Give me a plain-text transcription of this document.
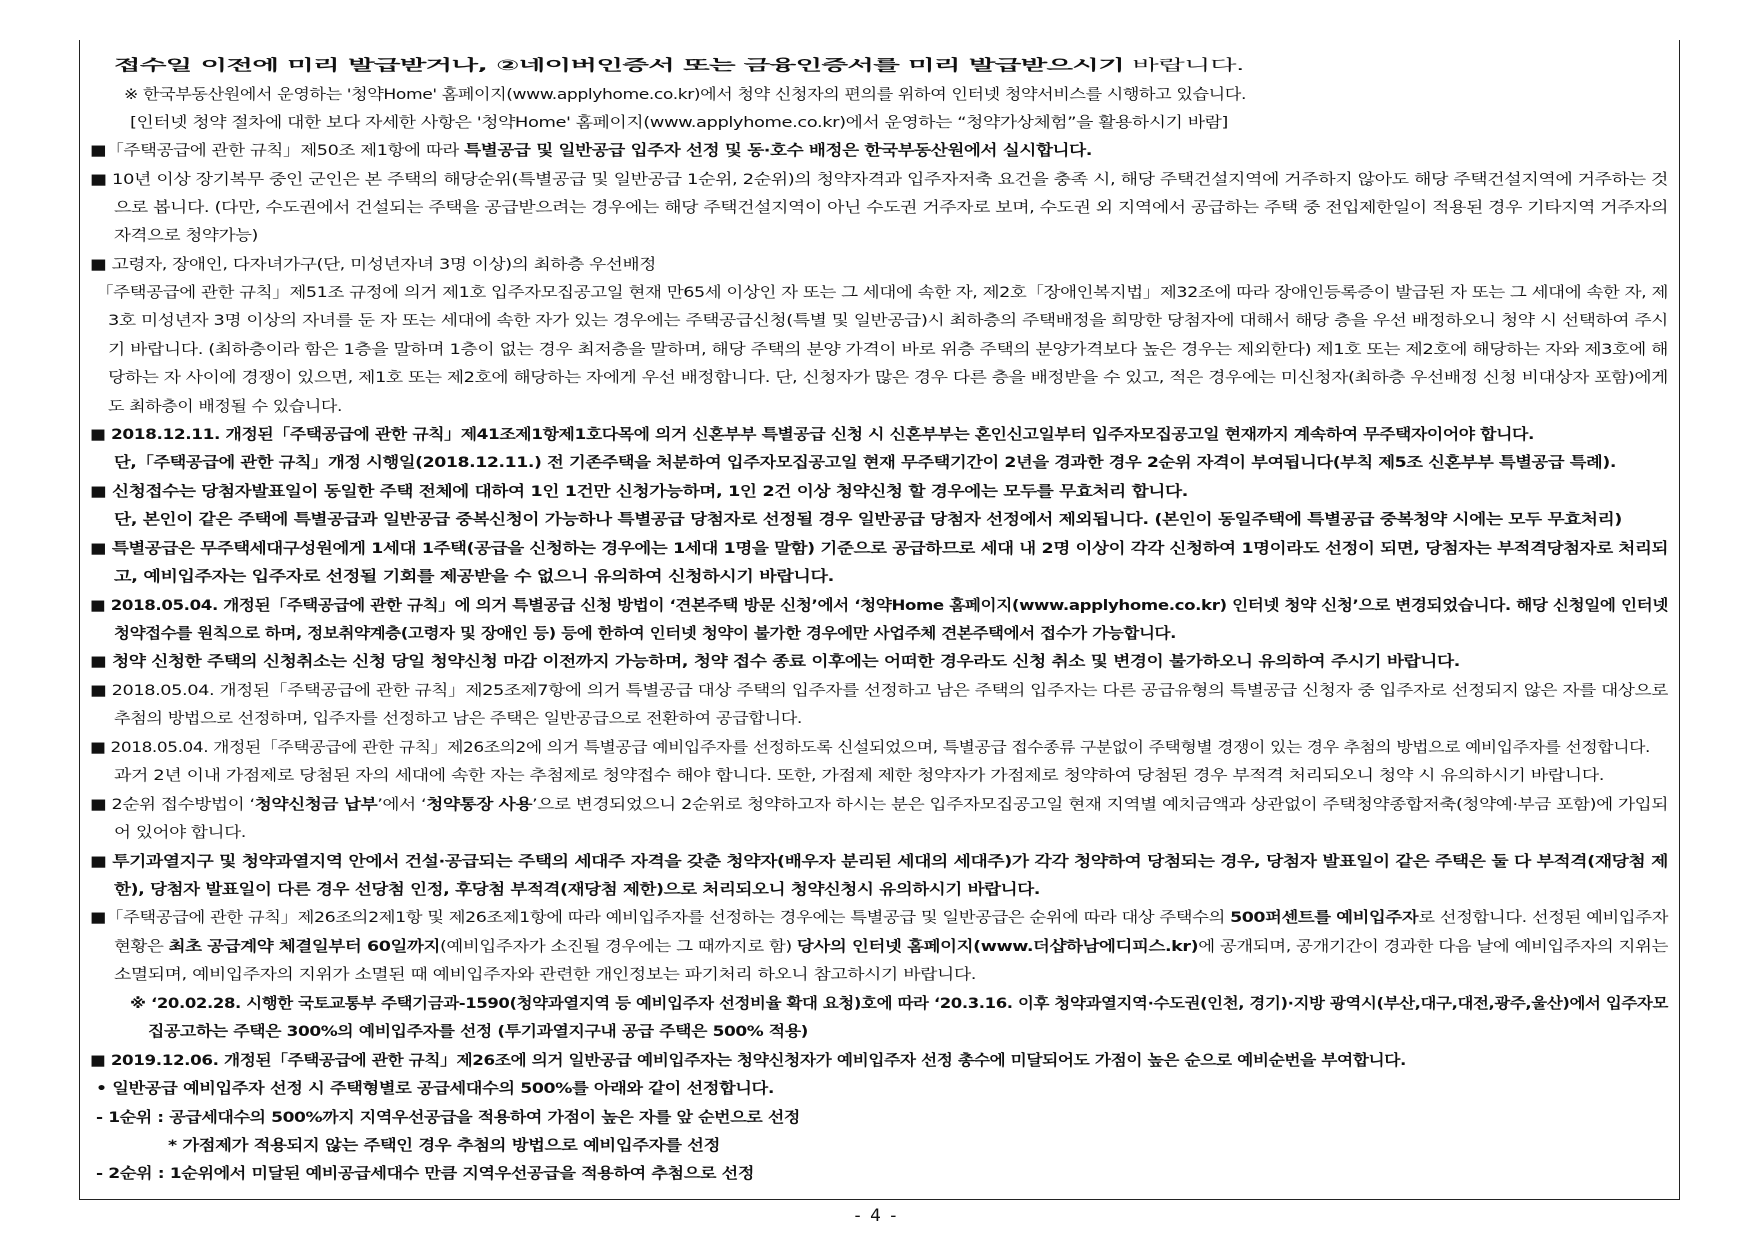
접수일 이전에 미리 발급받거나, ②네이버인증서 또는 금융인증서를 미리 발급받으시기 바랍니다.
※ 한국부동산원에서 운영하는 '청약Home' 홈페이지(www.applyhome.co.kr)에서 청약 신청자의 편의를 위하여 인터넷 청약서비스를 시행하고 있습니다.
[인터넷 청약 절차에 대한 보다 자세한 사항은 '청약Home' 홈페이지(www.applyhome.co.kr)에서 운영하는 “청약가상체험”을 활용하시기 바람]
■「주택공급에 관한 규칙」제50조 제1항에 따라 특별공급 및 일반공급 입주자 선정 및 동·호수 배정은 한국부동산원에서 실시합니다.
■ 10년 이상 장기복무 중인 군인은 본 주택의 해당순위(특별공급 및 일반공급 1순위, 2순위)의 청약자격과 입주자저축 요건을 충족 시, 해당 주택건설지역에 거주하지 않아도 해당 주택건설지역에 거주하는 것
으로 봅니다. (다만, 수도권에서 건설되는 주택을 공급받으려는 경우에는 해당 주택건설지역이 아닌 수도권 거주자로 보며, 수도권 외 지역에서 공급하는 주택 중 전입제한일이 적용된 경우 기타지역 거주자의
자격으로 청약가능)
■ 고령자, 장애인, 다자녀가구(단, 미성년자녀 3명 이상)의 최하층 우선배정
「주택공급에 관한 규칙」제51조 규정에 의거 제1호 입주자모집공고일 현재 만65세 이상인 자 또는 그 세대에 속한 자, 제2호「장애인복지법」제32조에 따라 장애인등록증이 발급된 자 또는 그 세대에 속한 자, 제
3호 미성년자 3명 이상의 자녀를 둔 자 또는 세대에 속한 자가 있는 경우에는 주택공급신청(특별 및 일반공급)시 최하층의 주택배정을 희망한 당첨자에 대해서 해당 층을 우선 배정하오니 청약 시 선택하여 주시
기 바랍니다. (최하층이라 함은 1층을 말하며 1층이 없는 경우 최저층을 말하며, 해당 주택의 분양 가격이 바로 위층 주택의 분양가격보다 높은 경우는 제외한다) 제1호 또는 제2호에 해당하는 자와 제3호에 해
당하는 자 사이에 경쟁이 있으면, 제1호 또는 제2호에 해당하는 자에게 우선 배정합니다. 단, 신청자가 많은 경우 다른 층을 배정받을 수 있고, 적은 경우에는 미신청자(최하층 우선배정 신청 비대상자 포함)에게
도 최하층이 배정될 수 있습니다.
■ 2018.12.11. 개정된「주택공급에 관한 규칙」제41조제1항제1호다목에 의거 신혼부부 특별공급 신청 시 신혼부부는 혼인신고일부터 입주자모집공고일 현재까지 계속하여 무주택자이어야 합니다.
단,「주택공급에 관한 규칙」개정 시행일(2018.12.11.) 전 기존주택을 처분하여 입주자모집공고일 현재 무주택기간이 2년을 경과한 경우 2순위 자격이 부여됩니다(부칙 제5조 신혼부부 특별공급 특례).
■ 신청접수는 당첨자발표일이 동일한 주택 전체에 대하여 1인 1건만 신청가능하며, 1인 2건 이상 청약신청 할 경우에는 모두를 무효처리 합니다.
단, 본인이 같은 주택에 특별공급과 일반공급 중복신청이 가능하나 특별공급 당첨자로 선정될 경우 일반공급 당첨자 선정에서 제외됩니다. (본인이 동일주택에 특별공급 중복청약 시에는 모두 무효처리)
■ 특별공급은 무주택세대구성원에게 1세대 1주택(공급을 신청하는 경우에는 1세대 1명을 말함) 기준으로 공급하므로 세대 내 2명 이상이 각각 신청하여 1명이라도 선정이 되면, 당첨자는 부적격당첨자로 처리되
고, 예비입주자는 입주자로 선정될 기회를 제공받을 수 없으니 유의하여 신청하시기 바랍니다.
■ 2018.05.04. 개정된「주택공급에 관한 규칙」에 의거 특별공급 신청 방법이 ‘견본주택 방문 신청’에서 ‘청약Home 홈페이지(www.applyhome.co.kr) 인터넷 청약 신청’으로 변경되었습니다. 해당 신청일에 인터넷
청약접수를 원칙으로 하며, 정보취약계층(고령자 및 장애인 등) 등에 한하여 인터넷 청약이 불가한 경우에만 사업주체 견본주택에서 접수가 가능합니다.
■ 청약 신청한 주택의 신청취소는 신청 당일 청약신청 마감 이전까지 가능하며, 청약 접수 종료 이후에는 어떠한 경우라도 신청 취소 및 변경이 불가하오니 유의하여 주시기 바랍니다.
■ 2018.05.04. 개정된「주택공급에 관한 규칙」제25조제7항에 의거 특별공급 대상 주택의 입주자를 선정하고 남은 주택의 입주자는 다른 공급유형의 특별공급 신청자 중 입주자로 선정되지 않은 자를 대상으로
추첨의 방법으로 선정하며, 입주자를 선정하고 남은 주택은 일반공급으로 전환하여 공급합니다.
■ 2018.05.04. 개정된「주택공급에 관한 규칙」제26조의2에 의거 특별공급 예비입주자를 선정하도록 신설되었으며, 특별공급 접수종류 구분없이 주택형별 경쟁이 있는 경우 추첨의 방법으로 예비입주자를 선정합니다.
과거 2년 이내 가점제로 당첨된 자의 세대에 속한 자는 추첨제로 청약접수 해야 합니다. 또한, 가점제 제한 청약자가 가점제로 청약하여 당첨된 경우 부적격 처리되오니 청약 시 유의하시기 바랍니다.
■ 2순위 접수방법이 ‘청약신청금 납부’에서 ‘청약통장 사용’으로 변경되었으니 2순위로 청약하고자 하시는 분은 입주자모집공고일 현재 지역별 예치금액과 상관없이 주택청약종합저축(청약예·부금 포함)에 가입되
어 있어야 합니다.
■ 투기과열지구 및 청약과열지역 안에서 건설·공급되는 주택의 세대주 자격을 갖춘 청약자(배우자 분리된 세대의 세대주)가 각각 청약하여 당첨되는 경우, 당첨자 발표일이 같은 주택은 둘 다 부적격(재당첨 제
한), 당첨자 발표일이 다른 경우 선당첨 인정, 후당첨 부적격(재당첨 제한)으로 처리되오니 청약신청시 유의하시기 바랍니다.
■「주택공급에 관한 규칙」제26조의2제1항 및 제26조제1항에 따라 예비입주자를 선정하는 경우에는 특별공급 및 일반공급은 순위에 따라 대상 주택수의 500퍼센트를 예비입주자로 선정합니다. 선정된 예비입주자
현황은 최초 공급계약 체결일부터 60일까지(예비입주자가 소진될 경우에는 그 때까지로 함) 당사의 인터넷 홈페이지(www.더샵하남에디피스.kr)에 공개되며, 공개기간이 경과한 다음 날에 예비입주자의 지위는
소멸되며, 예비입주자의 지위가 소멸된 때 예비입주자와 관련한 개인정보는 파기처리 하오니 참고하시기 바랍니다.
※ ‘20.02.28. 시행한 국토교통부 주택기금과-1590(청약과열지역 등 예비입주자 선정비율 확대 요청)호에 따라 ‘20.3.16. 이후 청약과열지역·수도권(인천, 경기)·지방 광역시(부산,대구,대전,광주,울산)에서 입주자모
집공고하는 주택은 300%의 예비입주자를 선정 (투기과열지구내 공급 주택은 500% 적용)
■ 2019.12.06. 개정된「주택공급에 관한 규칙」제26조에 의거 일반공급 예비입주자는 청약신청자가 예비입주자 선정 총수에 미달되어도 가점이 높은 순으로 예비순번을 부여합니다.
• 일반공급 예비입주자 선정 시 주택형별로 공급세대수의 500%를 아래와 같이 선정합니다.
- 1순위 : 공급세대수의 500%까지 지역우선공급을 적용하여 가점이 높은 자를 앞 순번으로 선정
* 가점제가 적용되지 않는 주택인 경우 추첨의 방법으로 예비입주자를 선정
- 2순위 : 1순위에서 미달된 예비공급세대수 만큼 지역우선공급을 적용하여 추첨으로 선정
- 4 -
